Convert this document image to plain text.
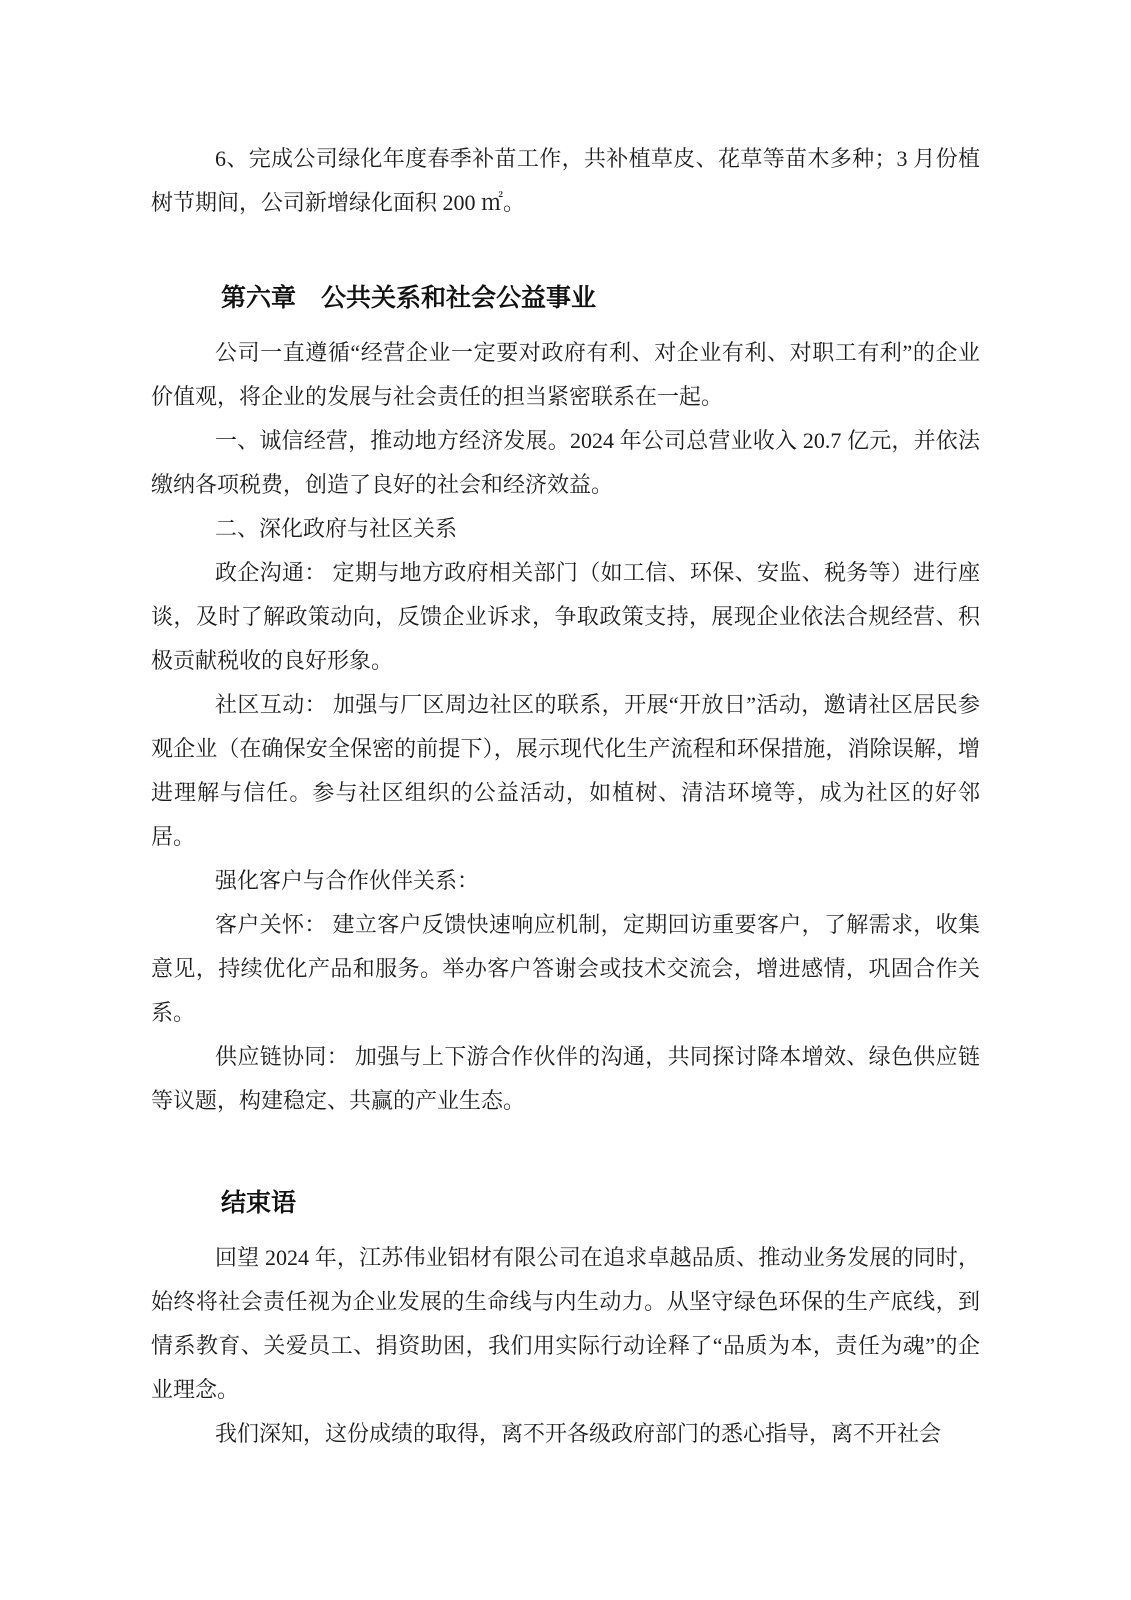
6、完成公司绿化年度春季补苗工作，共补植草皮、花草等苗木多种；3 月份植树节期间，公司新增绿化面积 200 ㎡。

第六章　公共关系和社会公益事业

公司一直遵循“经营企业一定要对政府有利、对企业有利、对职工有利”的企业价值观，将企业的发展与社会责任的担当紧密联系在一起。

一、诚信经营，推动地方经济发展。2024 年公司总营业收入 20.7 亿元，并依法缴纳各项税费，创造了良好的社会和经济效益。

二、深化政府与社区关系

政企沟通： 定期与地方政府相关部门（如工信、环保、安监、税务等）进行座谈，及时了解政策动向，反馈企业诉求，争取政策支持，展现企业依法合规经营、积极贡献税收的良好形象。

社区互动： 加强与厂区周边社区的联系，开展“开放日”活动，邀请社区居民参观企业（在确保安全保密的前提下），展示现代化生产流程和环保措施，消除误解，增进理解与信任。参与社区组织的公益活动，如植树、清洁环境等，成为社区的好邻居。

强化客户与合作伙伴关系：

客户关怀： 建立客户反馈快速响应机制，定期回访重要客户，了解需求，收集意见，持续优化产品和服务。举办客户答谢会或技术交流会，增进感情，巩固合作关系。

供应链协同： 加强与上下游合作伙伴的沟通，共同探讨降本增效、绿色供应链等议题，构建稳定、共赢的产业生态。

结束语

回望 2024 年，江苏伟业铝材有限公司在追求卓越品质、推动业务发展的同时，始终将社会责任视为企业发展的生命线与内生动力。从坚守绿色环保的生产底线，到情系教育、关爱员工、捐资助困，我们用实际行动诠释了“品质为本，责任为魂”的企业理念。

我们深知，这份成绩的取得，离不开各级政府部门的悉心指导，离不开社会
